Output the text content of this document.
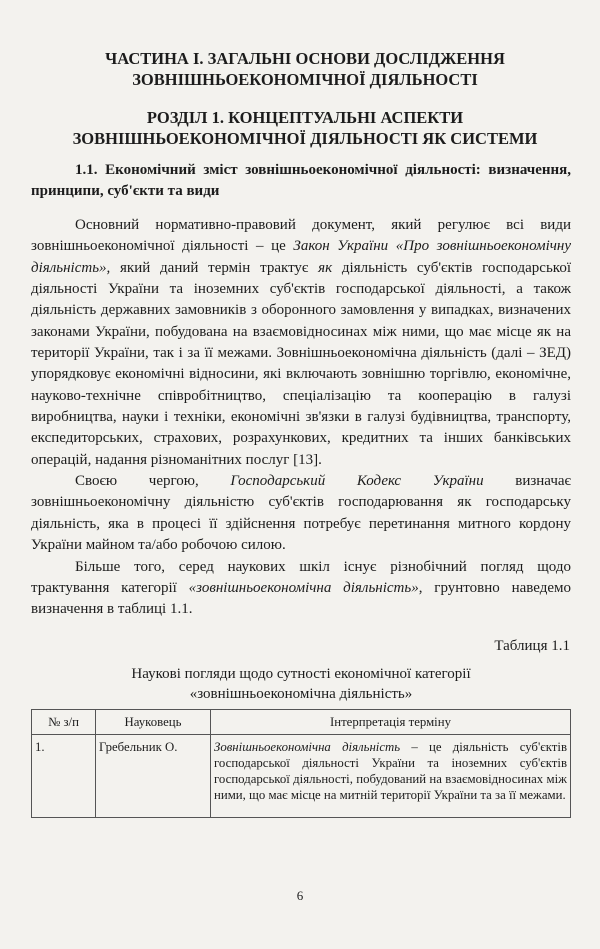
ЧАСТИНА І. ЗАГАЛЬНІ ОСНОВИ ДОСЛІДЖЕННЯ ЗОВНІШНЬОЕКОНОМІЧНОЇ ДІЯЛЬНОСТІ
РОЗДІЛ 1. КОНЦЕПТУАЛЬНІ АСПЕКТИ ЗОВНІШНЬОЕКОНОМІЧНОЇ ДІЯЛЬНОСТІ ЯК СИСТЕМИ
1.1. Економічний зміст зовнішньоекономічної діяльності: визначення, принципи, суб'єкти та види

Основний нормативно-правовий документ, який регулює всі види зовнішньоекономічної діяльності – це Закон України «Про зовнішньоекономічну діяльність», який даний термін трактує як діяльність суб'єктів господарської діяльності України та іноземних суб'єктів господарської діяльності, а також діяльність державних замовників з оборонного замовлення у випадках, визначених законами України, побудована на взаємовідносинах між ними, що має місце як на території України, так і за її межами. Зовнішньоекономічна діяльність (далі – ЗЕД) упорядковує економічні відносини, які включають зовнішню торгівлю, економічне, науково-технічне співробітництво, спеціалізацію та кооперацію в галузі виробництва, науки і техніки, економічні зв'язки в галузі будівництва, транспорту, експедиторських, страхових, розрахункових, кредитних та інших банківських операцій, надання різноманітних послуг [13].

Своєю чергою, Господарський Кодекс України визначає зовнішньоекономічну діяльністю суб'єктів господарювання як господарську діяльність, яка в процесі її здійснення потребує перетинання митного кордону України майном та/або робочою силою.

Більше того, серед наукових шкіл існує різнобічний погляд щодо трактування категорії «зовнішньоекономічна діяльність», грунтовно наведемо визначення в таблиці 1.1.

Таблиця 1.1
Наукові погляди щодо сутності економічної категорії
«зовнішньоекономічна діяльність»
№ з/п	Науковець	Інтерпретація терміну
1.	Гребельник О.	Зовнішньоекономічна діяльність – це діяльність суб'єктів господарської діяльності України та іноземних суб'єктів господарської діяльності, побудований на взаємовідносинах між ними, що має місце на митній території України та за її межами.
6
